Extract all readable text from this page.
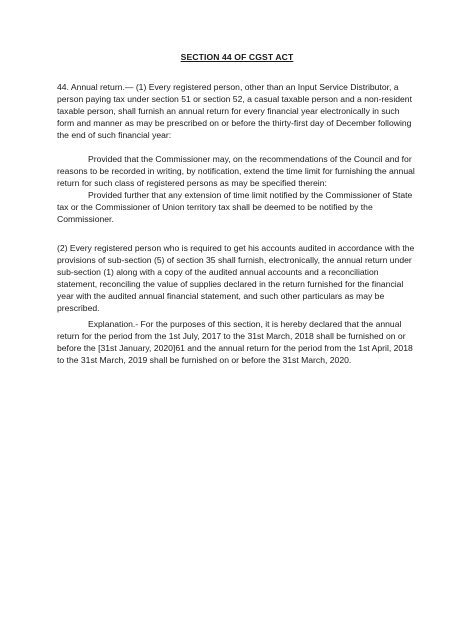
SECTION 44 OF CGST ACT

44. Annual return.— (1) Every registered person, other than an Input Service Distributor, a person paying tax under section 51 or section 52, a casual taxable person and a non-resident taxable person, shall furnish an annual return for every financial year electronically in such form and manner as may be prescribed on or before the thirty-first day of December following the end of such financial year:

Provided that the Commissioner may, on the recommendations of the Council and for reasons to be recorded in writing, by notification, extend the time limit for furnishing the annual return for such class of registered persons as may be specified therein:

Provided further that any extension of time limit notified by the Commissioner of State tax or the Commissioner of Union territory tax shall be deemed to be notified by the Commissioner.

(2) Every registered person who is required to get his accounts audited in accordance with the provisions of sub-section (5) of section 35 shall furnish, electronically, the annual return under sub-section (1) along with a copy of the audited annual accounts and a reconciliation statement, reconciling the value of supplies declared in the return furnished for the financial year with the audited annual financial statement, and such other particulars as may be prescribed.

Explanation.- For the purposes of this section, it is hereby declared that the annual return for the period from the 1st July, 2017 to the 31st March, 2018 shall be furnished on or before the [31st January, 2020]61 and the annual return for the period from the 1st April, 2018 to the 31st March, 2019 shall be furnished on or before the 31st March, 2020.
